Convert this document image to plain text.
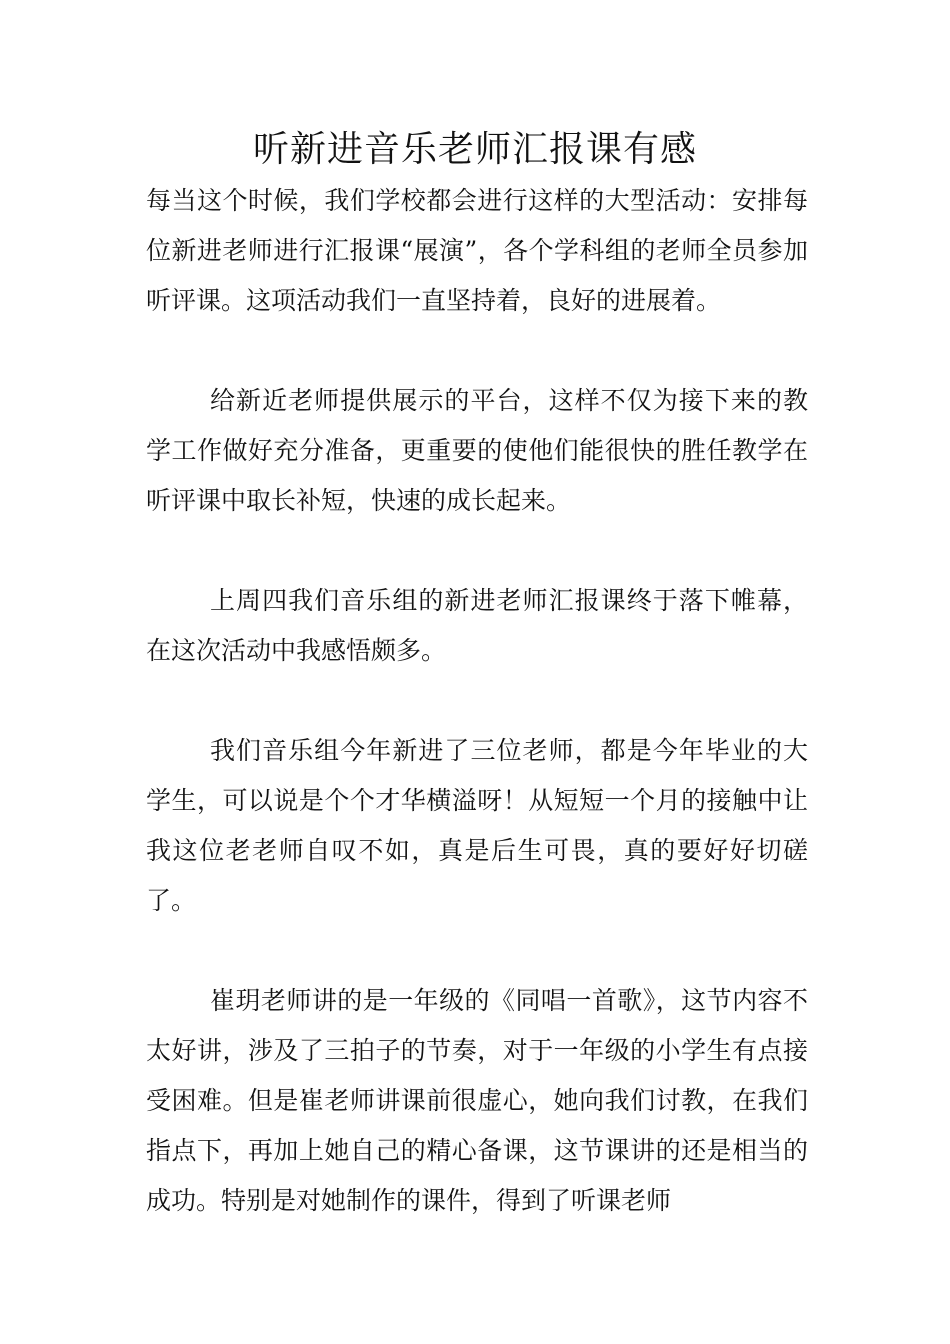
听新进音乐老师汇报课有感

每当这个时候，我们学校都会进行这样的大型活动：安排每位新进老师进行汇报课“展演”，各个学科组的老师全员参加听评课。这项活动我们一直坚持着，良好的进展着。

给新近老师提供展示的平台，这样不仅为接下来的教学工作做好充分准备，更重要的使他们能很快的胜任教学在听评课中取长补短，快速的成长起来。

上周四我们音乐组的新进老师汇报课终于落下帷幕，在这次活动中我感悟颇多。

我们音乐组今年新进了三位老师，都是今年毕业的大学生，可以说是个个才华横溢呀！从短短一个月的接触中让我这位老老师自叹不如，真是后生可畏，真的要好好切磋了。

崔玥老师讲的是一年级的《同唱一首歌》，这节内容不太好讲，涉及了三拍子的节奏，对于一年级的小学生有点接受困难。但是崔老师讲课前很虚心，她向我们讨教，在我们指点下，再加上她自己的精心备课，这节课讲的还是相当的成功。特别是对她制作的课件，得到了听课老师
